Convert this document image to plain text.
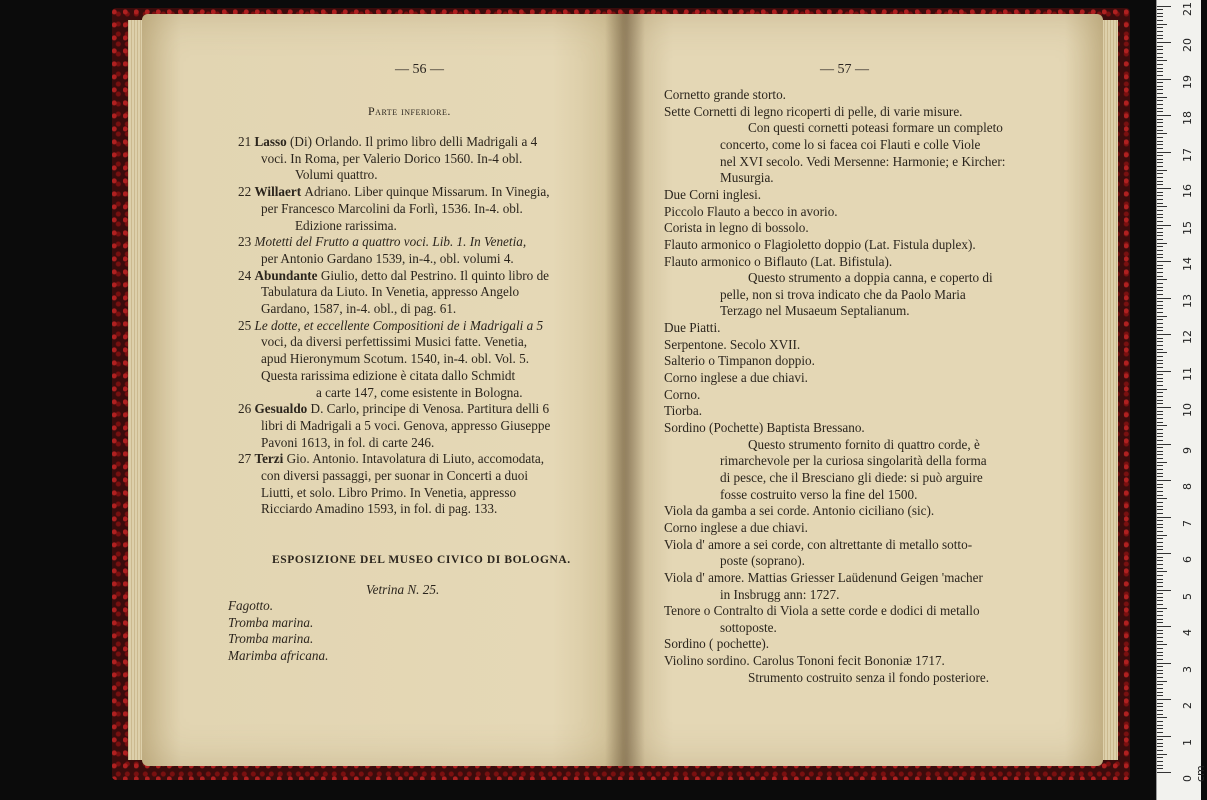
— 56 —
Parte inferiore.
21 Lasso (Di) Orlando. Il primo libro delli Madrigali a 4
voci. In Roma, per Valerio Dorico 1560. In-4 obl.
Volumi quattro.
22 Willaert Adriano. Liber quinque Missarum. In Vinegia,
per Francesco Marcolini da Forlì, 1536. In-4. obl.
Edizione rarissima.
23 Motetti del Frutto a quattro voci. Lib. 1. In Venetia,
per Antonio Gardano 1539, in-4., obl. volumi 4.
24 Abundante Giulio, detto dal Pestrino. Il quinto libro de
Tabulatura da Liuto. In Venetia, appresso Angelo
Gardano, 1587, in-4. obl., di pag. 61.
25 Le dotte, et eccellente Compositioni de i Madrigali a 5
voci, da diversi perfettissimi Musici fatte. Venetia,
apud Hieronymum Scotum. 1540, in-4. obl. Vol. 5.
Questa rarissima edizione è citata dallo Schmidt
a carte 147, come esistente in Bologna.
26 Gesualdo D. Carlo, principe di Venosa. Partitura delli 6
libri di Madrigali a 5 voci. Genova, appresso Giuseppe
Pavoni 1613, in fol. di carte 246.
27 Terzi Gio. Antonio. Intavolatura di Liuto, accomodata,
con diversi passaggi, per suonar in Concerti a duoi
Liutti, et solo. Libro Primo. In Venetia, appresso
Ricciardo Amadino 1593, in fol. di pag. 133.
ESPOSIZIONE DEL MUSEO CIVICO DI BOLOGNA.
Vetrina N. 25.
Fagotto.
Tromba marina.
Tromba marina.
Marimba africana.
— 57 —
Cornetto grande storto.
Sette Cornetti di legno ricoperti di pelle, di varie misure.
Con questi cornetti poteasi formare un completo
concerto, come lo si facea coi Flauti e colle Viole
nel XVI secolo. Vedi Mersenne: Harmonie; e Kircher:
Musurgia.
Due Corni inglesi.
Piccolo Flauto a becco in avorio.
Corista in legno di bossolo.
Flauto armonico o Flagioletto doppio (Lat. Fistula duplex).
Flauto armonico o Biflauto (Lat. Bifistula).
Questo strumento a doppia canna, e coperto di
pelle, non si trova indicato che da Paolo Maria
Terzago nel Musaeum Septalianum.
Due Piatti.
Serpentone. Secolo XVII.
Salterio o Timpanon doppio.
Corno inglese a due chiavi.
Corno.
Tiorba.
Sordino (Pochette) Baptista Bressano.
Questo strumento fornito di quattro corde, è
rimarchevole per la curiosa singolarità della forma
di pesce, che il Bresciano gli diede: si può arguire
fosse costruito verso la fine del 1500.
Viola da gamba a sei corde. Antonio ciciliano (sic).
Corno inglese a due chiavi.
Viola d' amore a sei corde, con altrettante di metallo sotto-
poste (soprano).
Viola d' amore. Mattias Griesser Laüdenund Geigen 'macher
in Insbrugg ann: 1727.
Tenore o Contralto di Viola a sette corde e dodici di metallo
sottoposte.
Sordino ( pochette).
Violino sordino. Carolus Tononi fecit Bononiæ 1717.
Strumento costruito senza il fondo posteriore.
0 cm
1
2
3
4
5
6
7
8
9
10
11
12
13
14
15
16
17
18
19
20
21
